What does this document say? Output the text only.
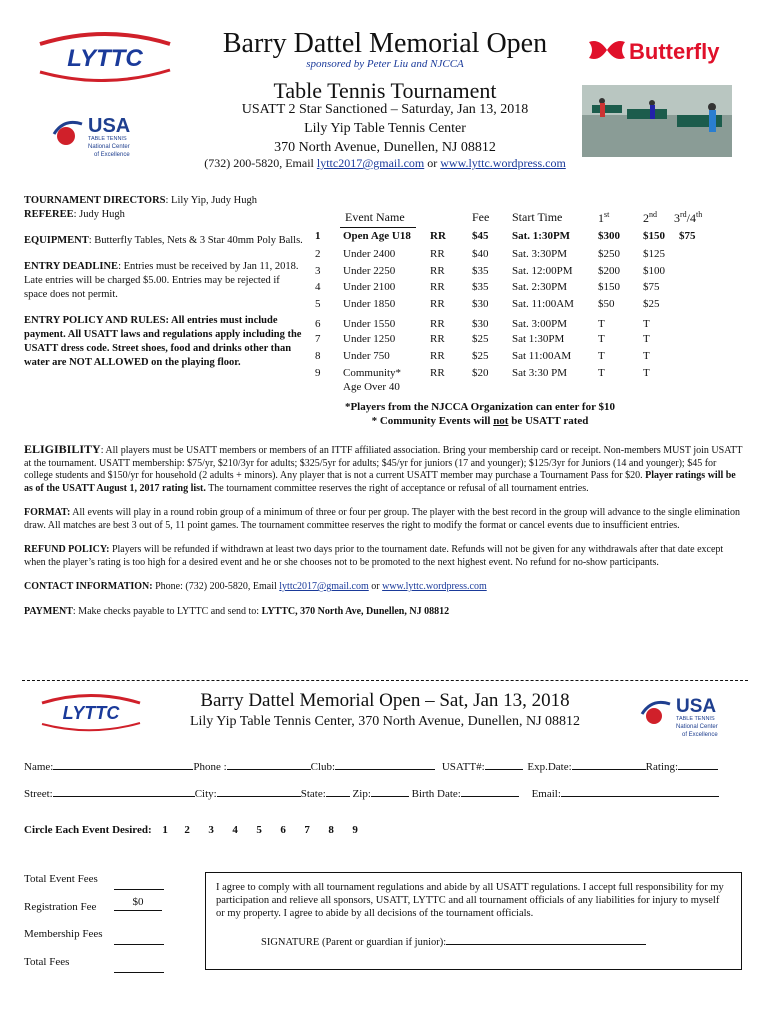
LYTTC	Barry Dattel Memorial Open
sponsored by Peter Liu and NJCCA	Butterfly
Table Tennis Tournament
USA
TABLE TENNIS
National Center
of Excellence
USATT 2 Star Sanctioned – Saturday, Jan 13, 2018
Lily Yip Table Tennis Center
370 North Avenue, Dunellen, NJ 08812
(732) 200-5820, Email lyttc2017@gmail.com or www.lyttc.wordpress.com
TOURNAMENT DIRECTORS: Lily Yip, Judy Hugh
REFEREE: Judy Hugh
EQUIPMENT: Butterfly Tables, Nets & 3 Star 40mm Poly Balls.
ENTRY DEADLINE: Entries must be received by Jan 11, 2018. Late entries will be charged $5.00. Entries may be rejected if space does not permit.
ENTRY POLICY AND RULES: All entries must include payment. All USATT laws and regulations apply including the USATT dress code. Street shoes, food and drinks other than water are NOT ALLOWED on the playing floor.
Event Name	Fee Start Time	1st	2nd 3rd/4th
1 Open Age U18 RR $45 Sat. 1:30PM	$300 $150 $75
2 Under 2400	RR $40 Sat. 3:30PM	$250 $125
3 Under 2250	RR $35 Sat. 12:00PM $200 $100
4 Under 2100	RR $35 Sat. 2:30PM	$150 $75
5 Under 1850	RR $30 Sat. 11:00AM $50	$25
6 Under 1550	RR $30 Sat. 3:00PM	T	T
7 Under 1250	RR $25 Sat 1:30PM	T	T
8 Under 750	RR $25 Sat 11:00AM T	T
9 Community*	RR $20 Sat 3:30 PM	T	T
Age Over 40
*Players from the NJCCA Organization can enter for $10
* Community Events will not be USATT rated
ELIGIBILITY: All players must be USATT members or members of an ITTF affiliated association. Bring your membership card or receipt. Non-members MUST join USATT at the tournament. USATT membership: $75/yr, $210/3yr for adults; $325/5yr for adults; $45/yr for juniors (17 and younger); $125/3yr for Juniors (14 and younger); $45 for college students and $150/yr for household (2 adults + minors). Any player that is not a current USATT member may purchase a Tournament Pass for $20. Player ratings will be as of the USATT August 1, 2017 rating list. The tournament committee reserves the right of acceptance or refusal of all tournament entries.
FORMAT: All events will play in a round robin group of a minimum of three or four per group. The player with the best record in the group will advance to the single elimination draw. All matches are best 3 out of 5, 11 point games. The tournament committee reserves the right to modify the format or cancel events due to insufficient entries.
REFUND POLICY: Players will be refunded if withdrawn at least two days prior to the tournament date. Refunds will not be given for any withdrawals after that date except when the player’s rating is too high for a desired event and he or she chooses not to be promoted to the next highest event. No refund for no-show participants.
CONTACT INFORMATION: Phone: (732) 200-5820, Email lyttc2017@gmail.com or www.lyttc.wordpress.com
PAYMENT: Make checks payable to LYTTC and send to: LYTTC, 370 North Ave, Dunellen, NJ 08812
LYTTC
Barry Dattel Memorial Open – Sat, Jan 13, 2018
Lily Yip Table Tennis Center, 370 North Avenue, Dunellen, NJ 08812
USA
TABLE TENNIS
National Center
of Excellence
Name:	Phone :	Club:	USATT#:	Exp.Date:	Rating:
Street:	City:	State: Zip:	Birth Date:	Email:
Circle Each Event Desired: 1 2 3 4 5 6 7 8 9
Total Event Fees
Registration Fee	$0
Membership Fees
Total Fees
I agree to comply with all tournament regulations and abide by all USATT regulations. I accept full responsibility for my participation and relieve all sponsors, USATT, LYTTC and all tournament officials of any liabilities for injury to myself or my property. I agree to abide by all decisions of the tournament officials.
SIGNATURE (Parent or guardian if junior):
